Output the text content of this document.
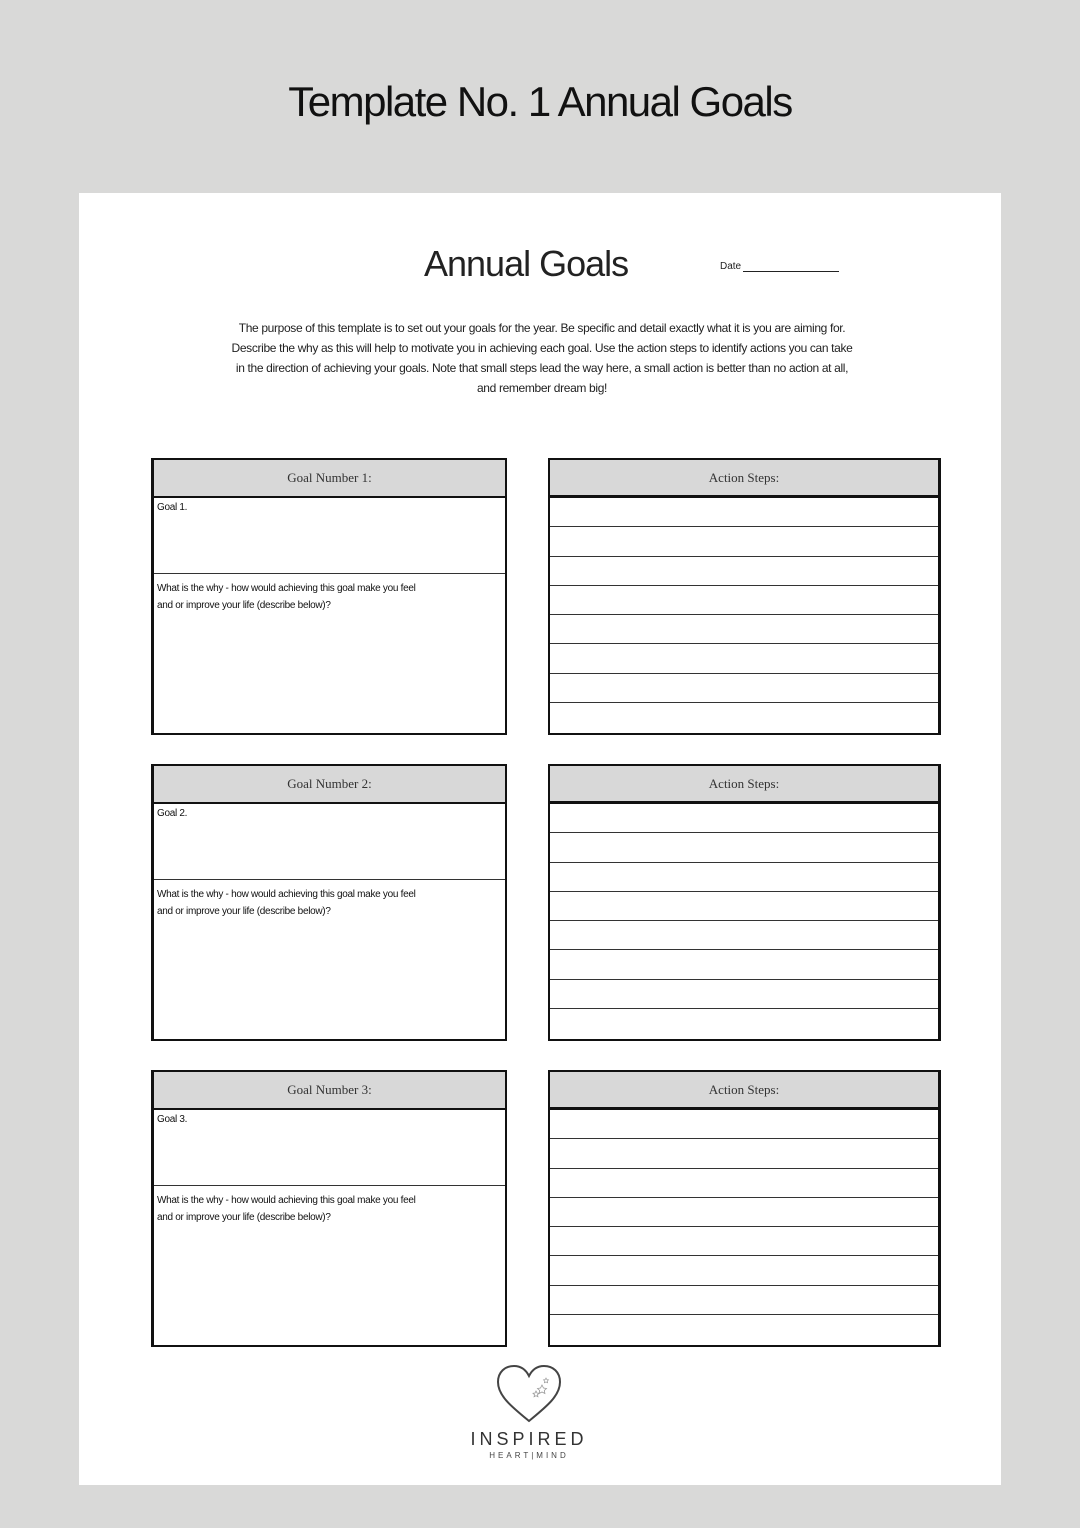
Template No. 1 Annual Goals
Annual Goals	Date
The purpose of this template is to set out your goals for the year. Be specific and detail exactly what it is you are aiming for. Describe the why as this will help to motivate you in achieving each goal. Use the action steps to identify actions you can take in the direction of achieving your goals. Note that small steps lead the way here, a small action is better than no action at all, and remember dream big!
Goal Number 1:
Goal 1.
What is the why - how would achieving this goal make you feel and or improve your life (describe below)?
Action Steps:
Goal Number 2:
Goal 2.
What is the why - how would achieving this goal make you feel and or improve your life (describe below)?
Action Steps:
Goal Number 3:
Goal 3.
What is the why - how would achieving this goal make you feel and or improve your life (describe below)?
Action Steps:
INSPIRED
HEART|MIND
